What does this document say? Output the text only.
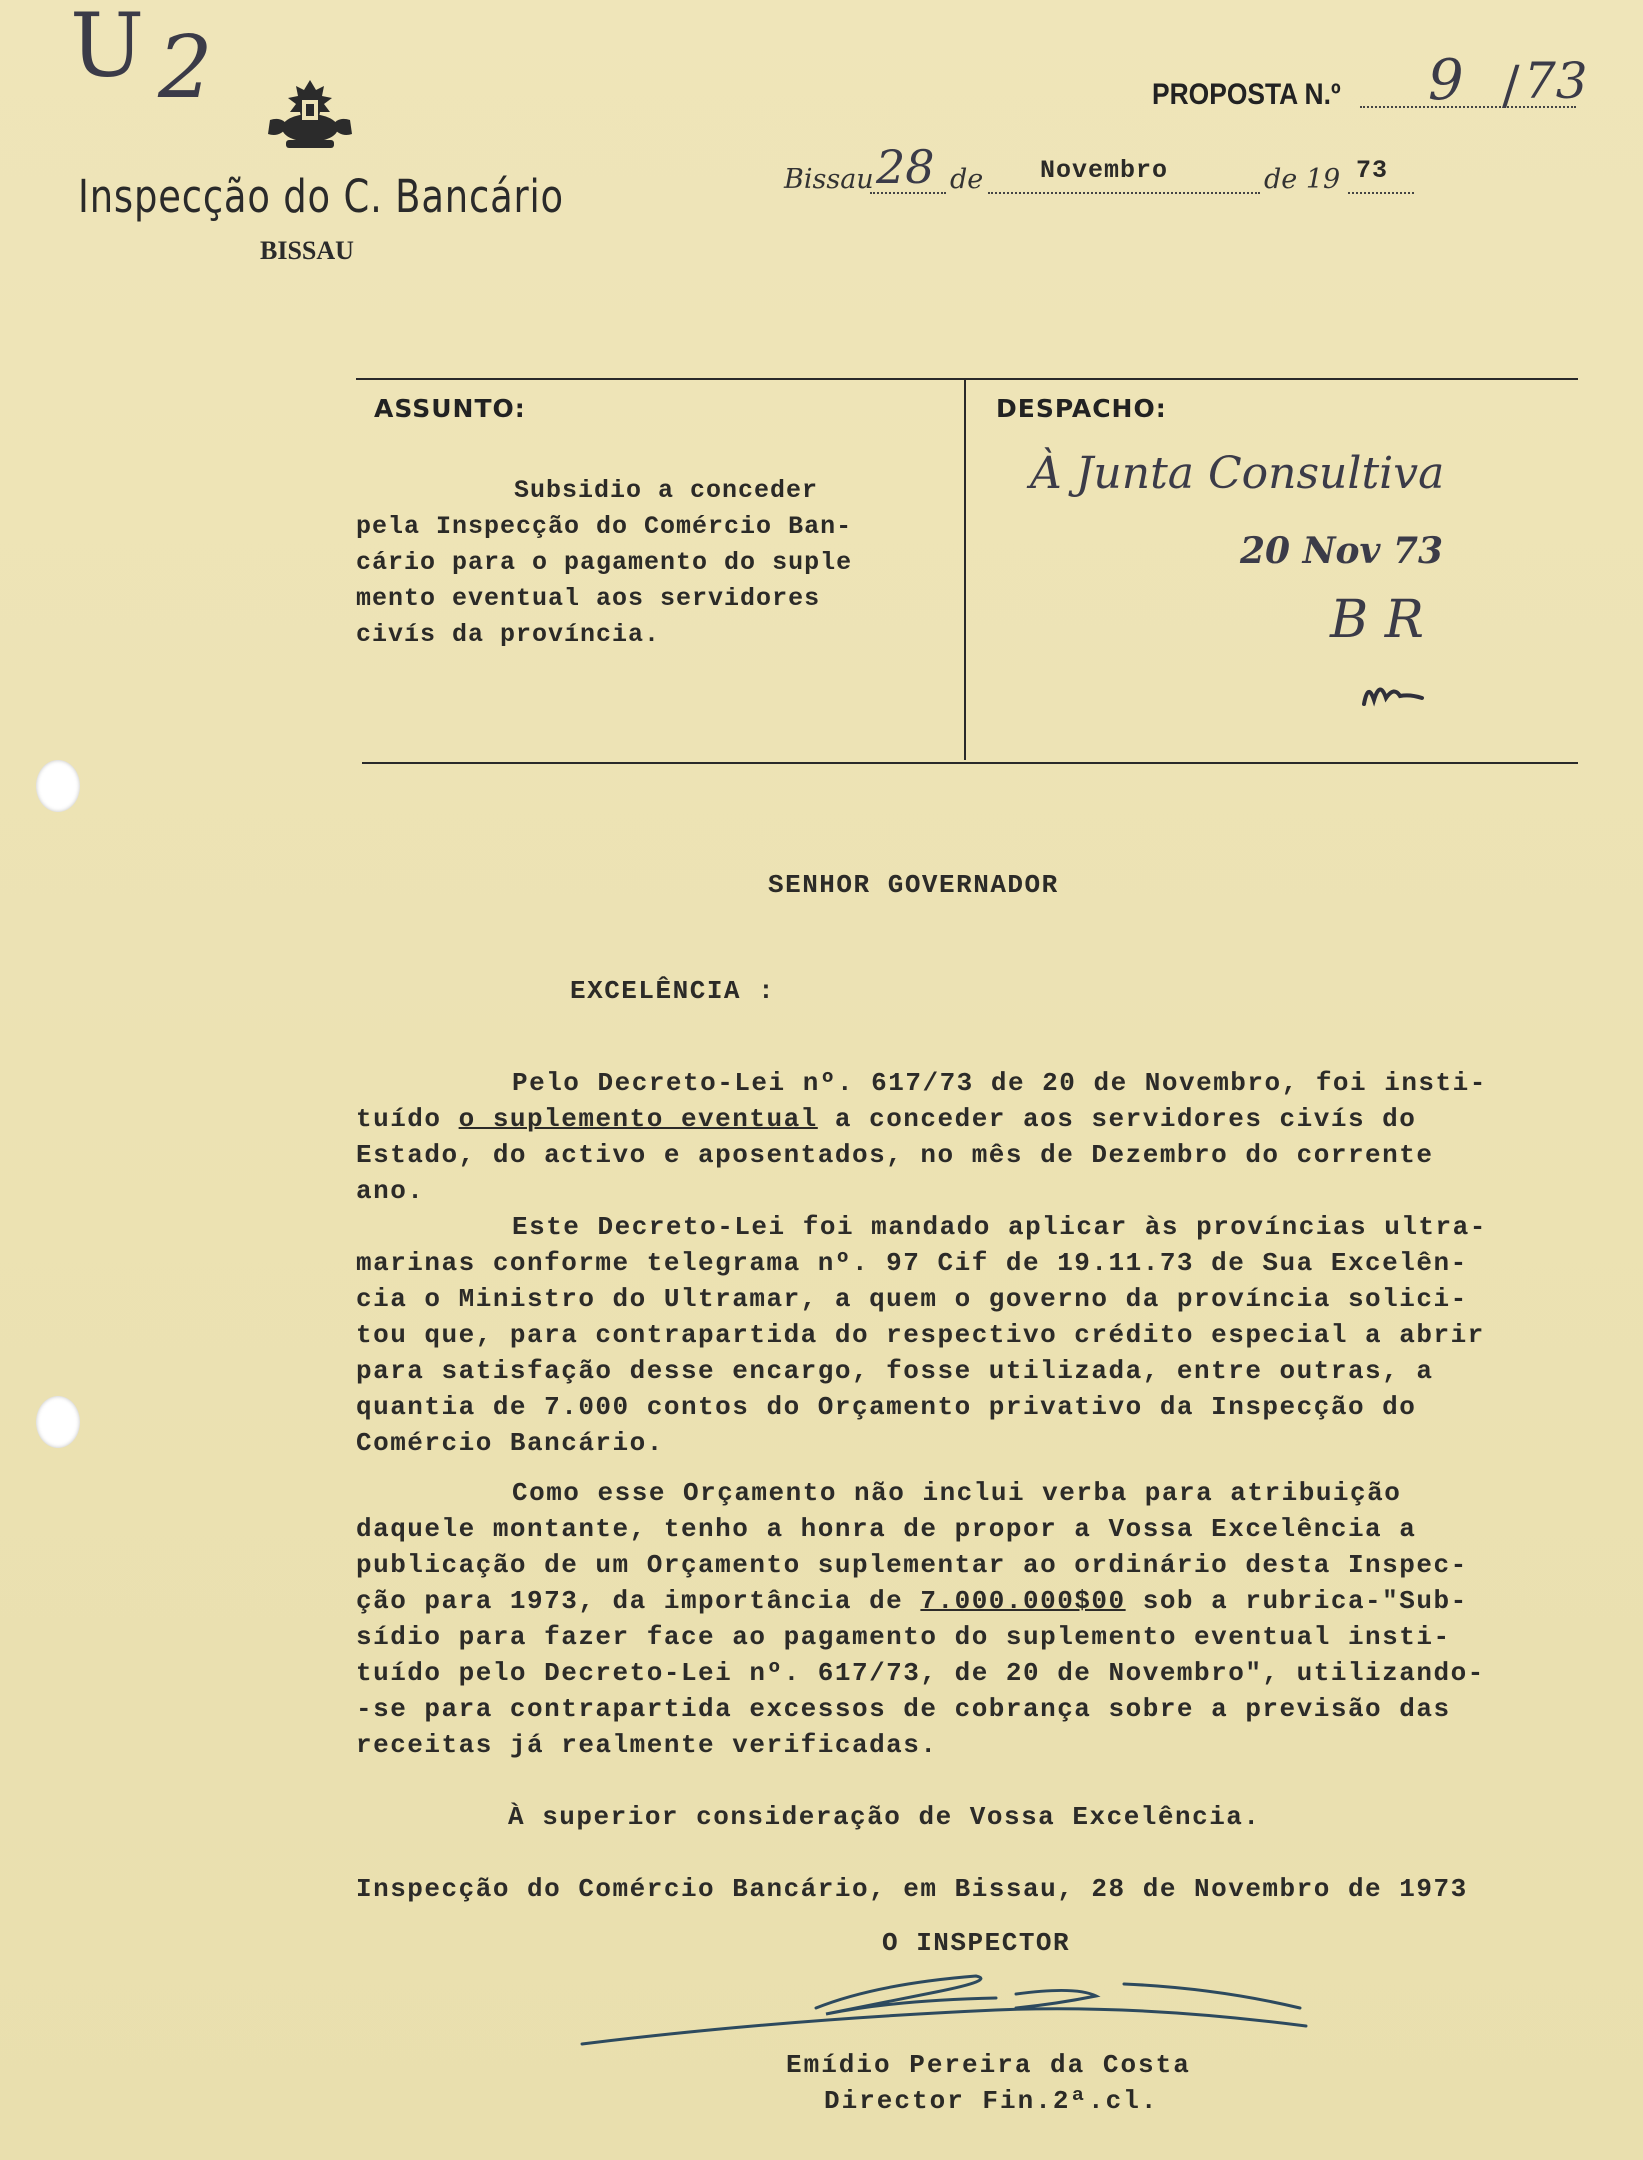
U 2
Inspecção do C. Bancário
BISSAU
PROPOSTA N.º 9 / 73
Bissau 28 de Novembro	de 19 73
ASSUNTO:	DESPACHO:
Subsidio a conceder
pela Inspecção do Comércio Ban-
cário para o pagamento do suple
mento eventual aos servidores
civís da província.
À Junta Consultiva
20 Nov 73
B R
SENHOR GOVERNADOR
EXCELÊNCIA :
Pelo Decreto-Lei nº. 617/73 de 20 de Novembro, foi insti-
tuído o suplemento eventual a conceder aos servidores civís do
Estado, do activo e aposentados, no mês de Dezembro do corrente
ano.
Este Decreto-Lei foi mandado aplicar às províncias ultra-
marinas conforme telegrama nº. 97 Cif de 19.11.73 de Sua Excelên-
cia o Ministro do Ultramar, a quem o governo da província solici-
tou que, para contrapartida do respectivo crédito especial a abrir
para satisfação desse encargo, fosse utilizada, entre outras, a
quantia de 7.000 contos do Orçamento privativo da Inspecção do
Comércio Bancário.
Como esse Orçamento não inclui verba para atribuição
daquele montante, tenho a honra de propor a Vossa Excelência a
publicação de um Orçamento suplementar ao ordinário desta Inspec-
ção para 1973, da importância de 7.000.000$00 sob a rubrica-"Sub-
sídio para fazer face ao pagamento do suplemento eventual insti-
tuído pelo Decreto-Lei nº. 617/73, de 20 de Novembro", utilizando-
-se para contrapartida excessos de cobrança sobre a previsão das
receitas já realmente verificadas.
À superior consideração de Vossa Excelência.
Inspecção do Comércio Bancário, em Bissau, 28 de Novembro de 1973
O INSPECTOR
Emídio Pereira da Costa
Director Fin.2ª.cl.
